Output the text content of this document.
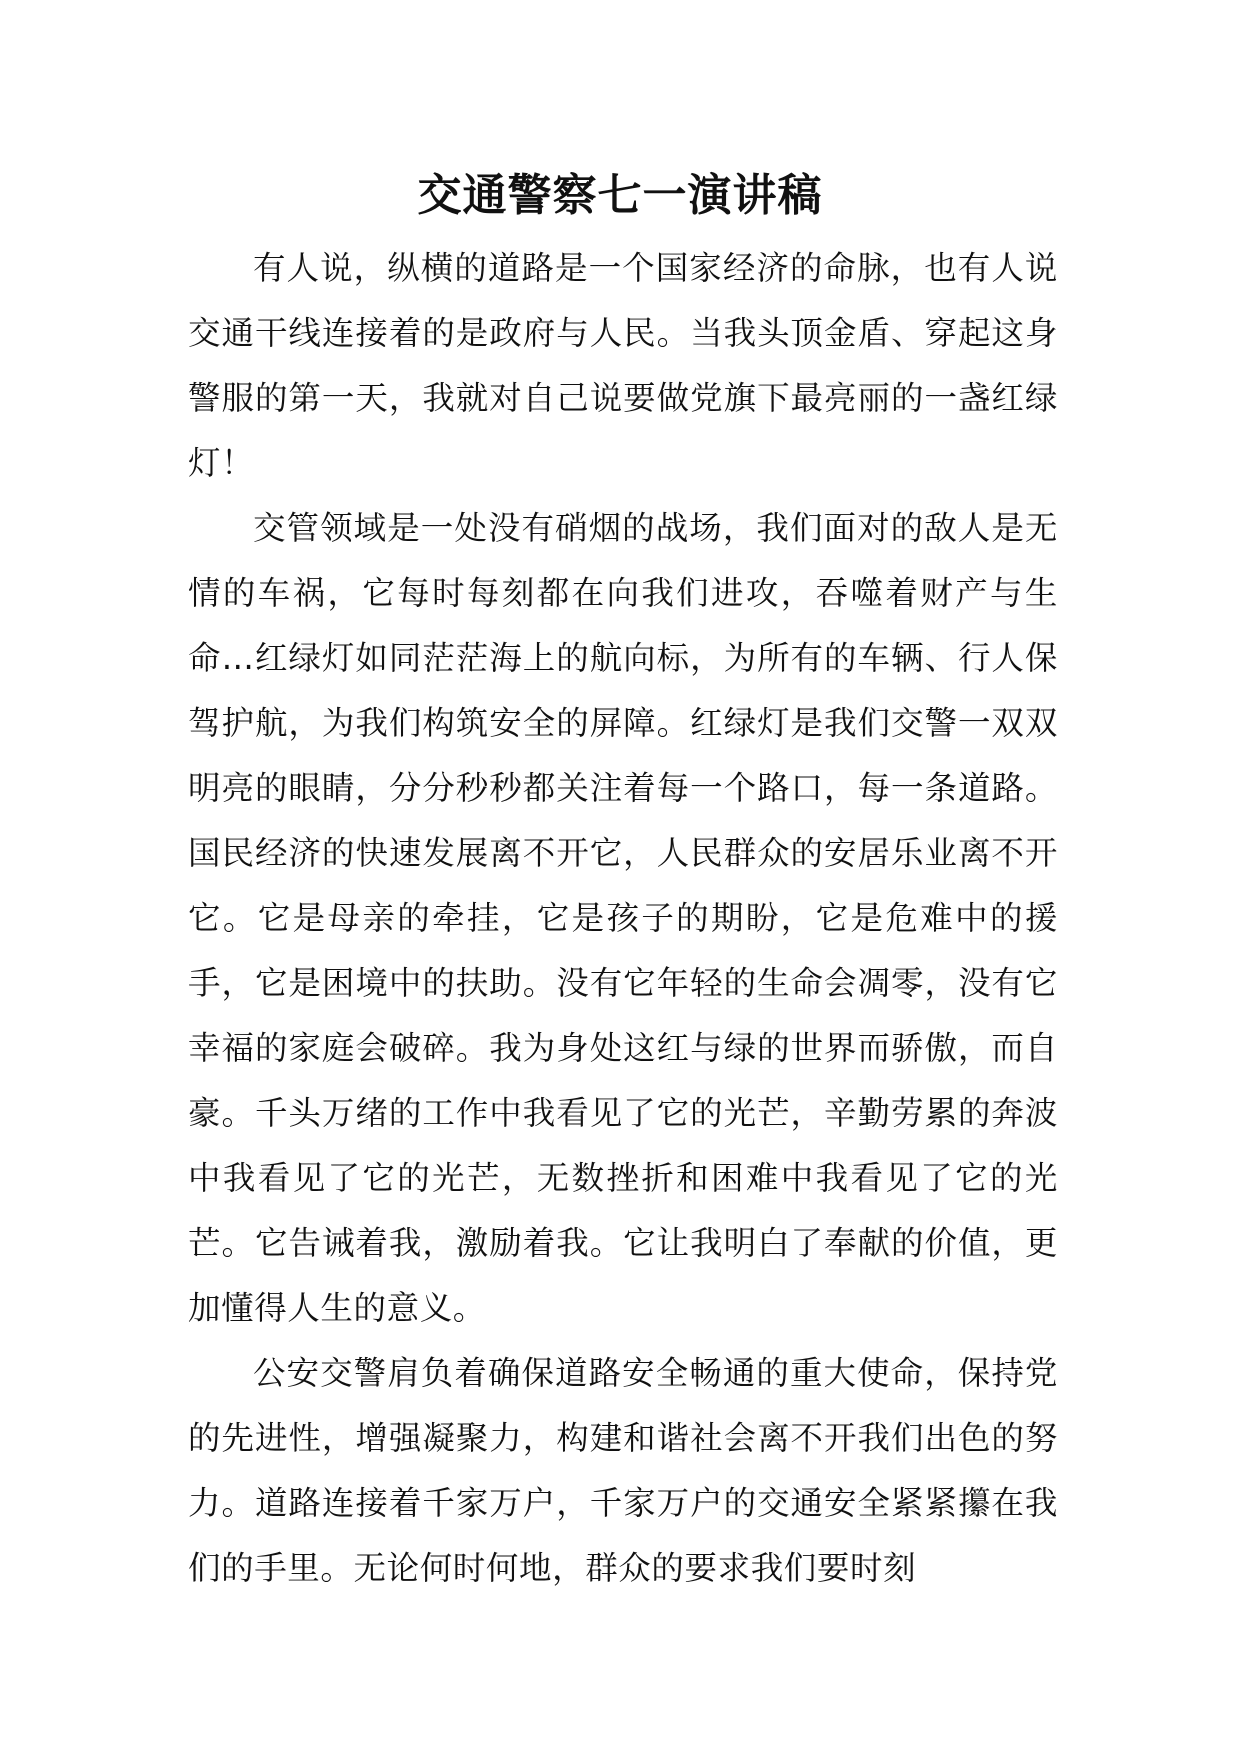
交通警察七一演讲稿

有人说，纵横的道路是一个国家经济的命脉，也有人说交通干线连接着的是政府与人民。当我头顶金盾、穿起这身警服的第一天，我就对自己说要做党旗下最亮丽的一盏红绿灯！

交管领域是一处没有硝烟的战场，我们面对的敌人是无情的车祸，它每时每刻都在向我们进攻，吞噬着财产与生命…红绿灯如同茫茫海上的航向标，为所有的车辆、行人保驾护航，为我们构筑安全的屏障。红绿灯是我们交警一双双明亮的眼睛，分分秒秒都关注着每一个路口，每一条道路。国民经济的快速发展离不开它，人民群众的安居乐业离不开它。它是母亲的牵挂，它是孩子的期盼，它是危难中的援手，它是困境中的扶助。没有它年轻的生命会凋零，没有它幸福的家庭会破碎。我为身处这红与绿的世界而骄傲，而自豪。千头万绪的工作中我看见了它的光芒，辛勤劳累的奔波中我看见了它的光芒，无数挫折和困难中我看见了它的光芒。它告诫着我，激励着我。它让我明白了奉献的价值，更加懂得人生的意义。

公安交警肩负着确保道路安全畅通的重大使命，保持党的先进性，增强凝聚力，构建和谐社会离不开我们出色的努力。道路连接着千家万户，千家万户的交通安全紧紧攥在我们的手里。无论何时何地，群众的要求我们要时刻
